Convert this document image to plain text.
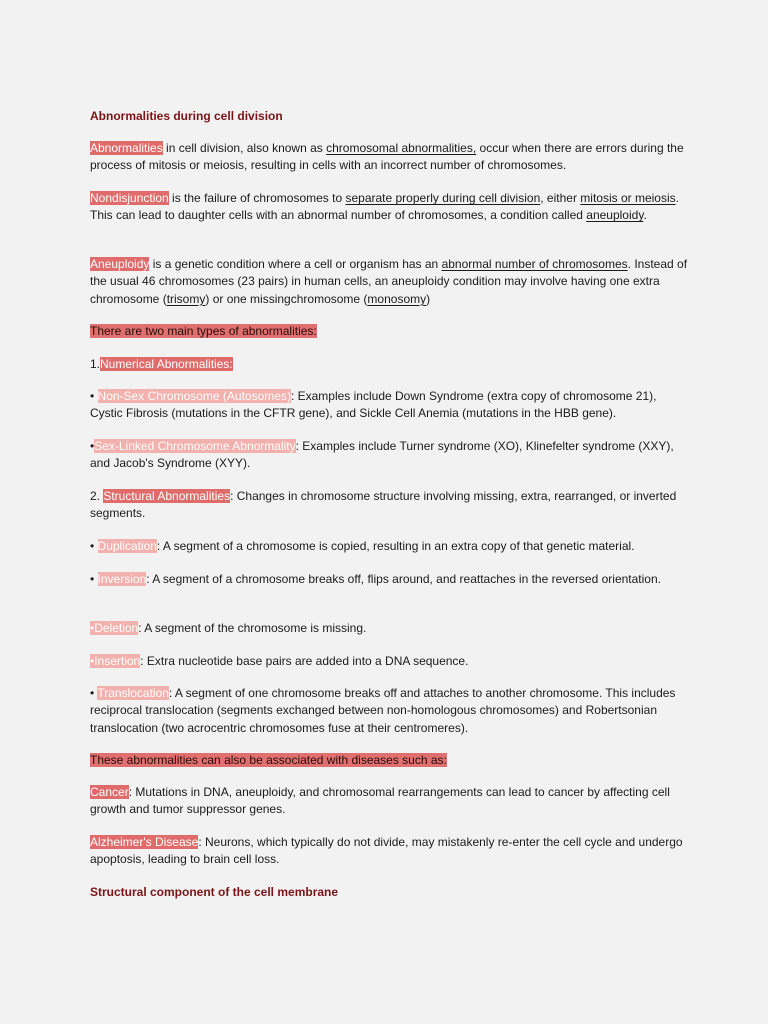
Abnormalities during cell division

Abnormalities in cell division, also known as chromosomal abnormalities, occur when there are errors during the process of mitosis or meiosis, resulting in cells with an incorrect number of chromosomes.

Nondisjunction is the failure of chromosomes to separate properly during cell division, either mitosis or meiosis. This can lead to daughter cells with an abnormal number of chromosomes, a condition called aneuploidy.

Aneuploidy is a genetic condition where a cell or organism has an abnormal number of chromosomes. Instead of the usual 46 chromosomes (23 pairs) in human cells, an aneuploidy condition may involve having one extra chromosome (trisomy) or one missingchromosome (monosomy)

There are two main types of abnormalities:

1.Numerical Abnormalities:

• Non-Sex Chromosome (Autosomes): Examples include Down Syndrome (extra copy of chromosome 21), Cystic Fibrosis (mutations in the CFTR gene), and Sickle Cell Anemia (mutations in the HBB gene).

•Sex-Linked Chromosome Abnormality: Examples include Turner syndrome (XO), Klinefelter syndrome (XXY), and Jacob's Syndrome (XYY).

2. Structural Abnormalities: Changes in chromosome structure involving missing, extra, rearranged, or inverted segments.

• Duplication: A segment of a chromosome is copied, resulting in an extra copy of that genetic material.

• Inversion: A segment of a chromosome breaks off, flips around, and reattaches in the reversed orientation.

•Deletion: A segment of the chromosome is missing.

•Insertion: Extra nucleotide base pairs are added into a DNA sequence.

• Translocation: A segment of one chromosome breaks off and attaches to another chromosome. This includes reciprocal translocation (segments exchanged between non-homologous chromosomes) and Robertsonian translocation (two acrocentric chromosomes fuse at their centromeres).

These abnormalities can also be associated with diseases such as:

Cancer: Mutations in DNA, aneuploidy, and chromosomal rearrangements can lead to cancer by affecting cell growth and tumor suppressor genes.

Alzheimer's Disease: Neurons, which typically do not divide, may mistakenly re-enter the cell cycle and undergo apoptosis, leading to brain cell loss.

Structural component of the cell membrane
